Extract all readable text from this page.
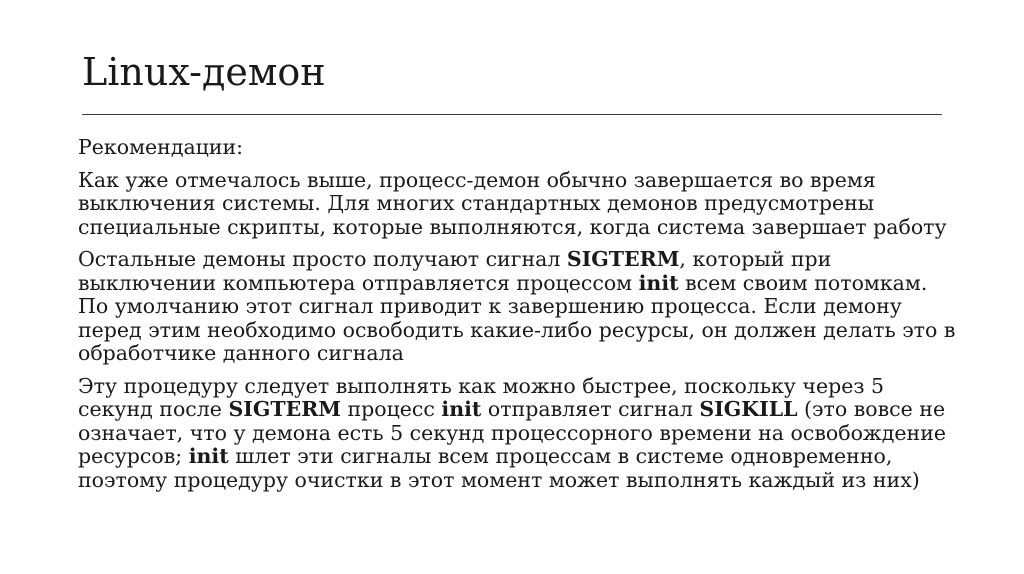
Linux-демон

Рекомендации:

Как уже отмечалось выше, процесс-демон обычно завершается во время выключения системы. Для многих стандартных демонов предусмотрены специальные скрипты, которые выполняются, когда система завершает работу

Остальные демоны просто получают сигнал SIGTERM, который при выключении компьютера отправляется процессом init всем своим потомкам. По умолчанию этот сигнал приводит к завершению процесса. Если демону перед этим необходимо освободить какие-либо ресурсы, он должен делать это в обработчике данного сигнала

Эту процедуру следует выполнять как можно быстрее, поскольку через 5 секунд после SIGTERM процесс init отправляет сигнал SIGKILL (это вовсе не означает, что у демона есть 5 секунд процессорного времени на освобождение ресурсов; init шлет эти сигналы всем процессам в системе одновременно, поэтому процедуру очистки в этот момент может выполнять каждый из них)
